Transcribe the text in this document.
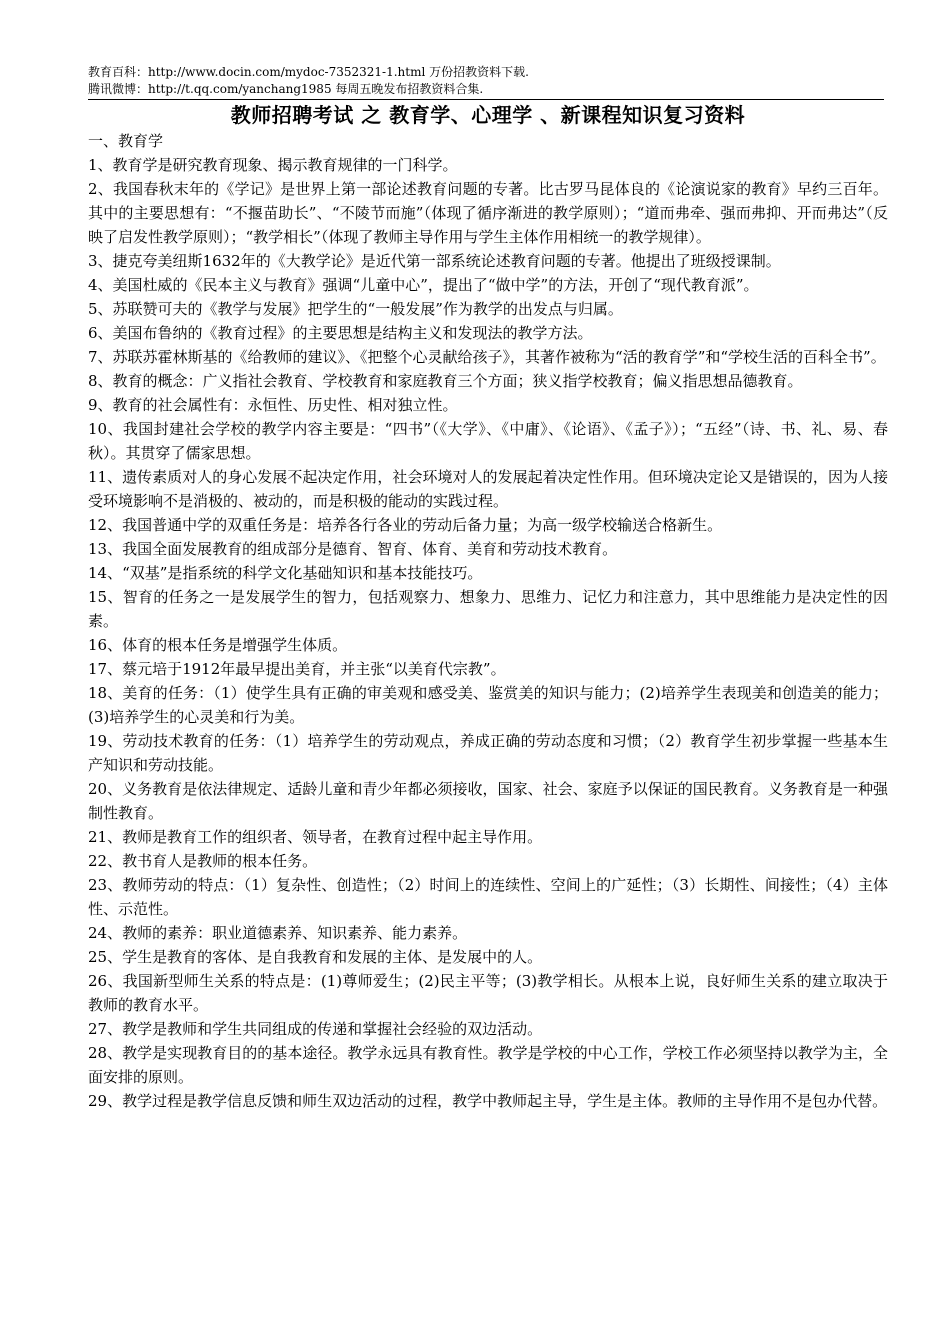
教育百科：http://www.docin.com/mydoc-7352321-1.html 万份招教资料下载.
腾讯微博：http://t.qq.com/yanchang1985 每周五晚发布招教资料合集.
教师招聘考试 之 教育学、心理学 、新课程知识复习资料
一、教育学

1、教育学是研究教育现象、揭示教育规律的一门科学。

2、我国春秋末年的《学记》是世界上第一部论述教育问题的专著。比古罗马昆体良的《论演说家的教育》早约三百年。其中的主要思想有：“不揠苗助长”、“不陵节而施”（体现了循序渐进的教学原则）；“道而弗牵、强而弗抑、开而弗达”（反映了启发性教学原则）；“教学相长”（体现了教师主导作用与学生主体作用相统一的教学规律）。

3、捷克夸美纽斯1632年的《大教学论》是近代第一部系统论述教育问题的专著。他提出了班级授课制。

4、美国杜威的《民本主义与教育》强调“儿童中心”，提出了“做中学”的方法，开创了“现代教育派”。

5、苏联赞可夫的《教学与发展》把学生的“一般发展”作为教学的出发点与归属。

6、美国布鲁纳的《教育过程》的主要思想是结构主义和发现法的教学方法。

7、苏联苏霍林斯基的《给教师的建议》、《把整个心灵献给孩子》，其著作被称为“活的教育学”和“学校生活的百科全书”。

8、教育的概念：广义指社会教育、学校教育和家庭教育三个方面；狭义指学校教育；偏义指思想品德教育。

9、教育的社会属性有：永恒性、历史性、相对独立性。

10、我国封建社会学校的教学内容主要是：“四书”（《大学》、《中庸》、《论语》、《孟子》）；“五经”（诗、书、礼、易、春秋）。其贯穿了儒家思想。

11、遗传素质对人的身心发展不起决定作用，社会环境对人的发展起着决定性作用。但环境决定论又是错误的，因为人接受环境影响不是消极的、被动的，而是积极的能动的实践过程。

12、我国普通中学的双重任务是：培养各行各业的劳动后备力量；为高一级学校输送合格新生。

13、我国全面发展教育的组成部分是德育、智育、体育、美育和劳动技术教育。

14、“双基”是指系统的科学文化基础知识和基本技能技巧。

15、智育的任务之一是发展学生的智力，包括观察力、想象力、思维力、记忆力和注意力，其中思维能力是决定性的因素。

16、体育的根本任务是增强学生体质。

17、蔡元培于1912年最早提出美育，并主张“以美育代宗教”。

18、美育的任务：（1）使学生具有正确的审美观和感受美、鉴赏美的知识与能力；(2)培养学生表现美和创造美的能力；(3)培养学生的心灵美和行为美。

19、劳动技术教育的任务：（1）培养学生的劳动观点，养成正确的劳动态度和习惯；（2）教育学生初步掌握一些基本生产知识和劳动技能。

20、义务教育是依法律规定、适龄儿童和青少年都必须接收，国家、社会、家庭予以保证的国民教育。义务教育是一种强制性教育。

21、教师是教育工作的组织者、领导者，在教育过程中起主导作用。

22、教书育人是教师的根本任务。

23、教师劳动的特点：（1）复杂性、创造性；（2）时间上的连续性、空间上的广延性；（3）长期性、间接性；（4）主体性、示范性。

24、教师的素养：职业道德素养、知识素养、能力素养。

25、学生是教育的客体、是自我教育和发展的主体、是发展中的人。

26、我国新型师生关系的特点是：(1)尊师爱生；(2)民主平等；(3)教学相长。从根本上说，良好师生关系的建立取决于教师的教育水平。

27、教学是教师和学生共同组成的传递和掌握社会经验的双边活动。

28、教学是实现教育目的的基本途径。教学永远具有教育性。教学是学校的中心工作，学校工作必须坚持以教学为主，全面安排的原则。

29、教学过程是教学信息反馈和师生双边活动的过程，教学中教师起主导，学生是主体。教师的主导作用不是包办代替。
